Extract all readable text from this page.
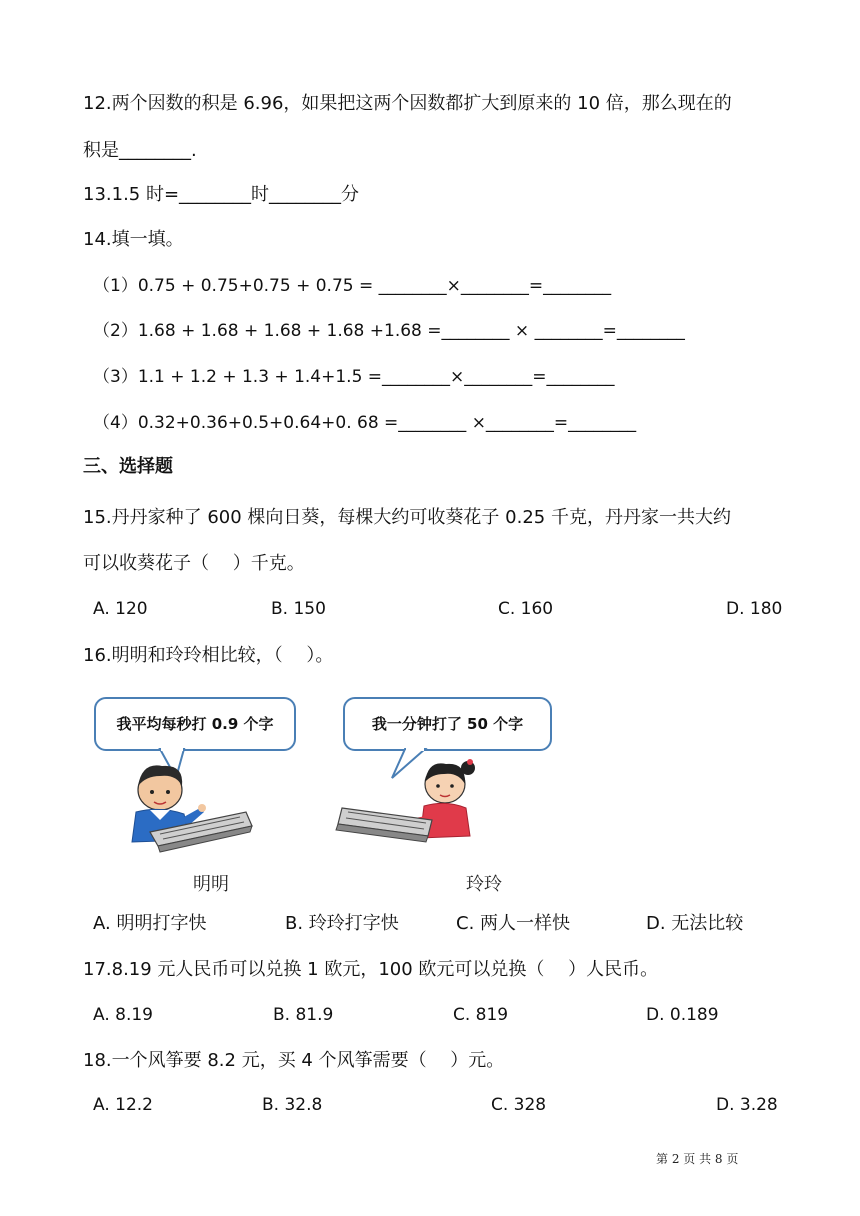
12.两个因数的积是 6.96，如果把这两个因数都扩大到原来的 10 倍，那么现在的
积是________.
13.1.5 时=________时________分
14.填一填。
（1）0.75 + 0.75+0.75 + 0.75 = ________×________=________
（2）1.68 + 1.68 + 1.68 + 1.68 +1.68 =________ × ________=________
（3）1.1 + 1.2 + 1.3 + 1.4+1.5 =________×________=________
（4）0.32+0.36+0.5+0.64+0. 68 =________ ×________=________
三、选择题
15.丹丹家种了 600 棵向日葵，每棵大约可收葵花子 0.25 千克，丹丹家一共大约
可以收葵花子（　 ）千克。
A. 120	B. 150	C. 160	D. 180
16.明明和玲玲相比较，（　 ）。
我平均每秒打 0.9 个字	我一分钟打了 50 个字
明明	玲玲
A. 明明打字快	B. 玲玲打字快	C. 两人一样快	D. 无法比较
17.8.19 元人民币可以兑换 1 欧元，100 欧元可以兑换（　 ）人民币。
A. 8.19	B. 81.9	C. 819	D. 0.189
18.一个风筝要 8.2 元，买 4 个风筝需要（　 ）元。
A. 12.2	B. 32.8	C. 328	D. 3.28
第 2 页 共 8 页
